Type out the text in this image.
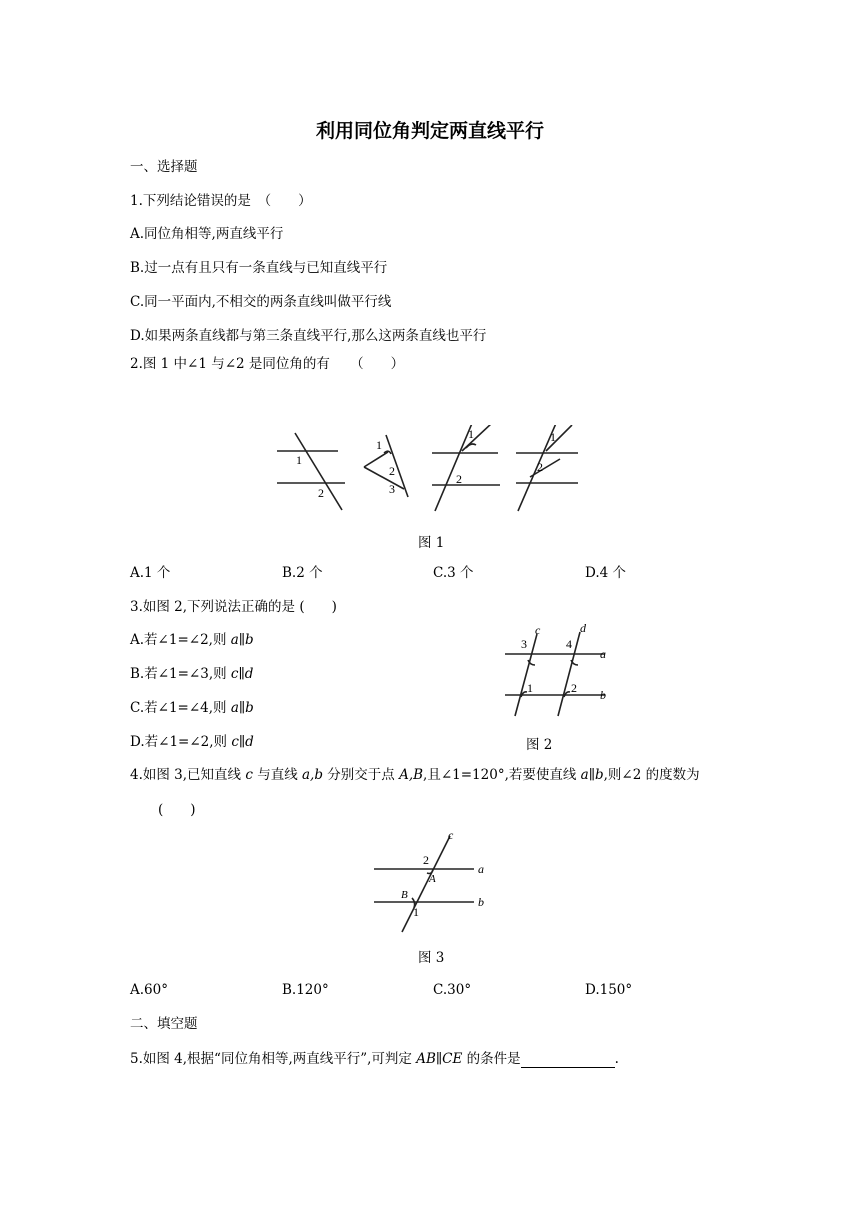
利用同位角判定两直线平行
一、选择题
1.下列结论错误的是　（　　）
A.同位角相等,两直线平行
B.过一点有且只有一条直线与已知直线平行
C.同一平面内,不相交的两条直线叫做平行线
D.如果两条直线都与第三条直线平行,那么这两条直线也平行
2.图 1 中∠1 与∠2 是同位角的有　　（　　）
1
2
1
2
3
1
2
1
2
图 1
A.1 个	B.2 个	C.3 个	D.4 个
3.如图 2,下列说法正确的是 (　　)
A.若∠1=∠2,则 a∥b
B.若∠1=∠3,则 c∥d
C.若∠1=∠4,则 a∥b
D.若∠1=∠2,则 c∥d
3	4
1	2
c	d
a
b
图 2
4.如图 3,已知直线 c 与直线 a,b 分别交于点 A,B,且∠1=120°,若要使直线 a∥b,则∠2 的度数为
(　　)
c
a
b
2
A
B
1
图 3
A.60°	B.120°	C.30°	D.150°
二、填空题
5.如图 4,根据“同位角相等,两直线平行”,可判定 AB∥CE 的条件是	.
